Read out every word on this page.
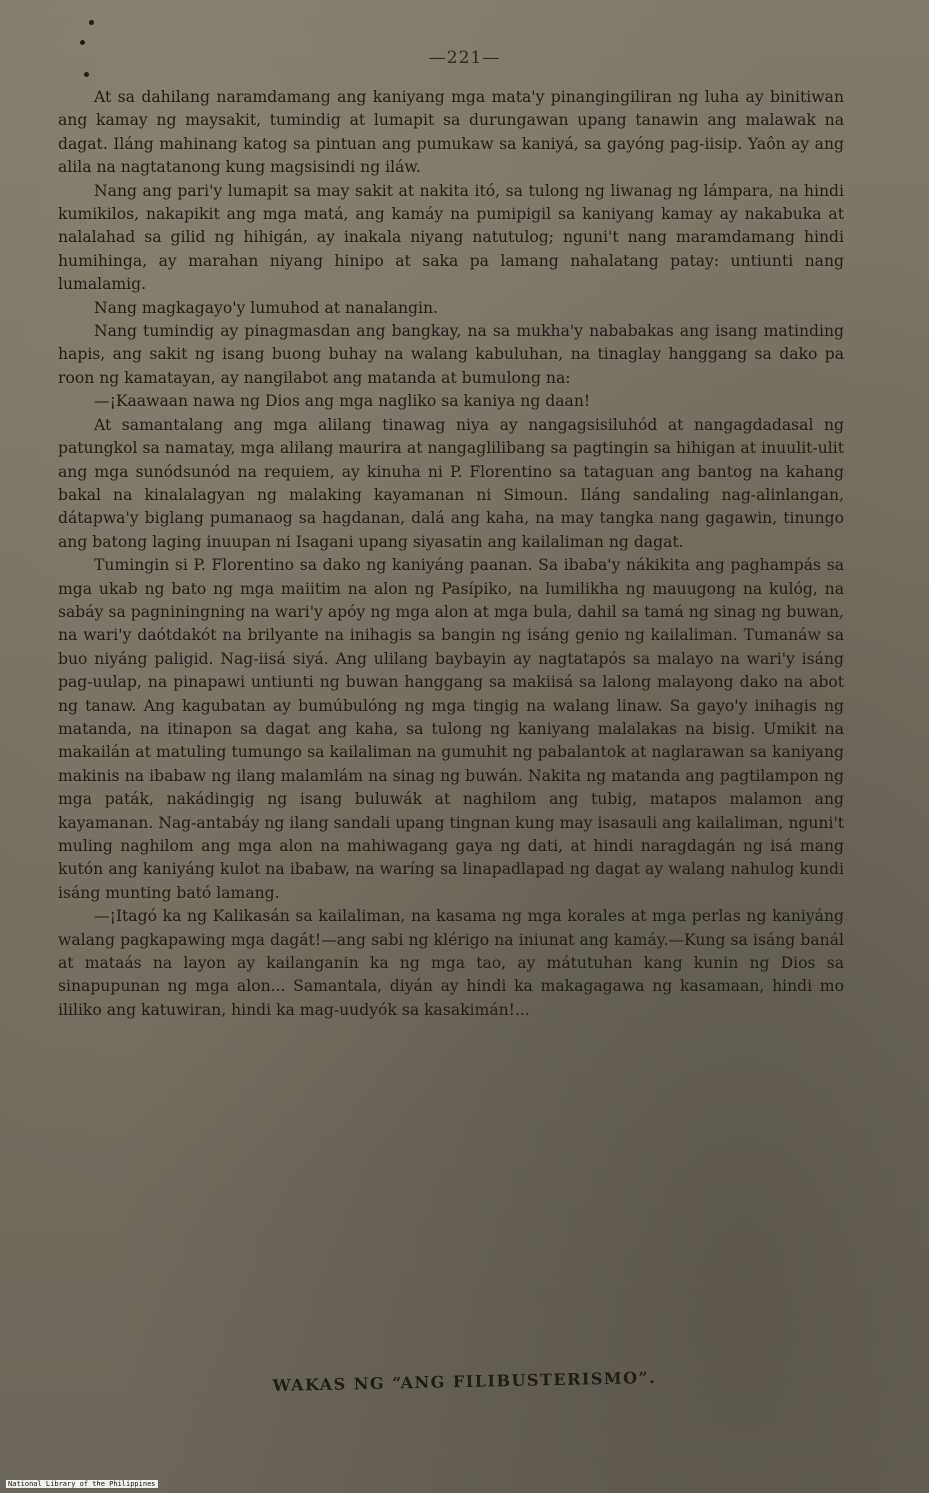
—221—

At sa dahilang naramdamang ang kaniyang mga mata'y pinangingiliran ng luha ay binitiwan ang kamay ng maysakit, tumindig at lumapit sa durungawan upang tanawin ang malawak na dagat. Iláng mahinang katog sa pintuan ang pumukaw sa kaniyá, sa gayóng pag-iisip. Yaôn ay ang alila na nagtatanong kung magsisindi ng iláw.

Nang ang pari'y lumapit sa may sakit at nakita itó, sa tulong ng liwanag ng lámpara, na hindi kumikilos, nakapikit ang mga matá, ang kamáy na pumipigil sa kaniyang kamay ay nakabuka at nalalahad sa gilid ng hihigán, ay inakala niyang natutulog; nguni't nang maramdamang hindi humihinga, ay marahan niyang hinipo at saka pa lamang nahalatang patay: untiunti nang lumalamig.

Nang magkagayo'y lumuhod at nanalangin.

Nang tumindig ay pinagmasdan ang bangkay, na sa mukha'y nababakas ang isang matinding hapis, ang sakit ng isang buong buhay na walang kabuluhan, na tinaglay hanggang sa dako pa roon ng kamatayan, ay nangilabot ang matanda at bumulong na:

—¡Kaawaan nawa ng Dios ang mga nagliko sa kaniya ng daan!

At samantalang ang mga alilang tinawag niya ay nangagsisiluhód at nangagdadasal ng patungkol sa namatay, mga alilang maurira at nangaglilibang sa pagtingin sa hihigan at inuulit-ulit ang mga sunódsunód na requiem, ay kinuha ni P. Florentino sa tataguan ang bantog na kahang bakal na kinalalagyan ng malaking kayamanan ni Simoun. Iláng sandaling nag-alinlangan, dátapwa'y biglang pumanaog sa hagdanan, dalá ang kaha, na may tangka nang gagawin, tinungo ang batong laging inuupan ni Isagani upang siyasatin ang kailaliman ng dagat.

Tumingin si P. Florentino sa dako ng kaniyáng paanan. Sa ibaba'y nákikita ang paghampás sa mga ukab ng bato ng mga maiitim na alon ng Pasípiko, na lumilikha ng mauugong na kulóg, na sabáy sa pagniningning na wari'y apóy ng mga alon at mga bula, dahil sa tamá ng sinag ng buwan, na wari'y daótdakót na brilyante na inihagis sa bangin ng isáng genio ng kailaliman. Tumanáw sa buo niyáng paligid. Nag-iisá siyá. Ang ulilang baybayin ay nagtatapós sa malayo na wari'y isáng pag-uulap, na pinapawi untiunti ng buwan hanggang sa makiisá sa lalong malayong dako na abot ng tanaw. Ang kagubatan ay bumúbulóng ng mga tingig na walang linaw. Sa gayo'y inihagis ng matanda, na itinapon sa dagat ang kaha, sa tulong ng kaniyang malalakas na bisig. Umikit na makailán at matuling tumungo sa kailaliman na gumuhit ng pabalantok at naglarawan sa kaniyang makinis na ibabaw ng ilang malamlám na sinag ng buwán. Nakita ng matanda ang pagtilampon ng mga paták, nakádingig ng isang buluwák at naghilom ang tubig, matapos malamon ang kayamanan. Nag-antabáy ng ilang sandali upang tingnan kung may isasauli ang kailaliman, nguni't muling naghilom ang mga alon na mahiwagang gaya ng dati, at hindi naragdagán ng isá mang kutón ang kaniyáng kulot na ibabaw, na waríng sa linapadlapad ng dagat ay walang nahulog kundi isáng munting bató lamang.

—¡Itagó ka ng Kalikasán sa kailaliman, na kasama ng mga korales at mga perlas ng kaniyáng walang pagkapawing mga dagát!—ang sabi ng klérigo na iniunat ang kamáy.—Kung sa isáng banál at mataás na layon ay kailanganin ka ng mga tao, ay mátutuhan kang kunin ng Dios sa sinapupunan ng mga alon... Samantala, diyán ay hindi ka makagagawa ng kasamaan, hindi mo ililiko ang katuwiran, hindi ka mag-uudyók sa kasakimán!...

WAKAS NG “ANG FILIBUSTERISMO”.
National Library of the Philippines
